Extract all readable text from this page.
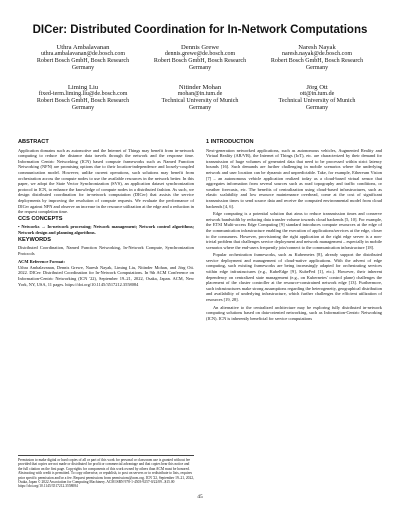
DICer: Distributed Coordination for In-Network Computations
Uthra Ambalavanan
uthra.ambalavanan@de.bosch.com
Robert Bosch GmbH, Bosch Research
Germany
Dennis Grewe
dennis.grewe@de.bosch.com
Robert Bosch GmbH, Bosch Research
Germany
Naresh Nayak
naresh.nayak@de.bosch.com
Robert Bosch GmbH, Bosch Research
Germany
Liming Liu
fixed-term.liming.liu@de.bosch.com
Robert Bosch GmbH, Bosch Research
Germany
Nitinder Mohan
mohan@in.tum.de
Technical University of Munich
Germany
Jörg Ott
ott@in.tum.de
Technical University of Munich
Germany
ABSTRACT

Application domains such as automotive and the Internet of Things may benefit from in-network computing to reduce the distance data travels through the network and the response time. Information Centric Networking (ICN) based compute frameworks such as Named Function Networking (NFN) are promising options due to their location-independence and loosely-coupled communication model. However, unlike current operations, such solutions may benefit from orchestration across the compute nodes to use the available resources in the network better. In this paper, we adopt the State Vector Synchronization (SVS), an application dataset synchronization protocol in ICN, to enhance the knowledge of compute nodes in a distributed fashion. As such, we design distributed coordination for in-network computation (DICer) that assists the service deployments by improving the resolution of compute requests. We evaluate the performance of DICer against NFN and observe an increase in the resource utilization at the edge and a reduction in the request completion time.

CCS CONCEPTS

• Networks → In-network processing; Network management; Network control algorithms; Network design and planning algorithms.

KEYWORDS

Distributed Coordination, Named Function Networking, In-Network Compute, Synchronization Protocols

ACM Reference Format:

Uthra Ambalavanan, Dennis Grewe, Naresh Nayak, Liming Liu, Nitinder Mohan, and Jörg Ott. 2022. DICer: Distributed Coordination for In-Network Computations. In 9th ACM Conference on Information-Centric Networking (ICN '22), September 19–21, 2022, Osaka, Japan. ACM, New York, NY, USA, 11 pages. https://doi.org/10.1145/3517212.3558084

Permission to make digital or hard copies of all or part of this work for personal or classroom use is granted without fee provided that copies are not made or distributed for profit or commercial advantage and that copies bear this notice and the full citation on the first page. Copyrights for components of this work owned by others than ACM must be honored. Abstracting with credit is permitted. To copy otherwise, or republish, to post on servers or to redistribute to lists, requires prior specific permission and/or a fee. Request permissions from permissions@acm.org. ICN '22, September 19–21, 2022, Osaka, Japan © 2022 Association for Computing Machinery. ACM ISBN 978-1-4503-9257-0/22/09...$15.00 https://doi.org/10.1145/3517212.3558084
1 INTRODUCTION

Next-generation networked applications, such as autonomous vehicles, Augmented Reality and Virtual Reality (AR/VR), the Internet of Things (IoT), etc. are characterized by their demand for transmission of huge volumes of generated data that need to be processed within strict latency bounds [16]. Such demands are further challenging in mobile scenarios where the underlying network and user location can be dynamic and unpredictable. Take, for example, Ethereum Vision [7] – an autonomous vehicle application realized today as a cloud-based virtual sensor that aggregates information from several sources such as road topography and traffic conditions, or weather forecasts, etc. The benefits of centralization using cloud-based infrastructures, such as elastic scalability and low resource maintenance overhead, come at the cost of significant transmission times to send source data and receive the computed environmental model from cloud backends [4, 6].

Edge computing is a potential solution that aims to reduce transmission times and conserve network bandwidth by reducing data transfer volume towards cloud backends [5, 10]. For example, the ETSI Multi-access Edge Computing [9] standard introduces compute resources at the edge of the communication infrastructure enabling the execution of applications/services at the edge, closer to the consumers. However, provisioning the right application at the right edge server is a non-trivial problem that challenges service deployment and network management – especially in mobile scenarios where the end-users frequently join/connect to the communication infrastructure [18].

Popular orchestration frameworks, such as Kubernetes [8], already support the distributed service deployment and management of cloud-native applications. With the advent of edge computing, such existing frameworks are being increasingly adapted for orchestrating services within edge infrastructures (e.g., KubeEdge [9], KubeFed [1], etc.). However, their inherent dependency on centralized state management (e.g., on Kubernetes' control plane) challenges the placement of the cluster controller at the resource-constrained network edge [13]. Furthermore, such infrastructures make strong assumptions regarding the heterogeneity, geographical distribution and availability of underlying infrastructure, which further challenges the efficient utilization of resources [19, 28].

An alternative to the centralized architecture may be exploring fully distributed in-network computing solutions based on data-oriented networking, such as Information-Centric Networking (ICN). ICN is inherently beneficial for service computations

45
